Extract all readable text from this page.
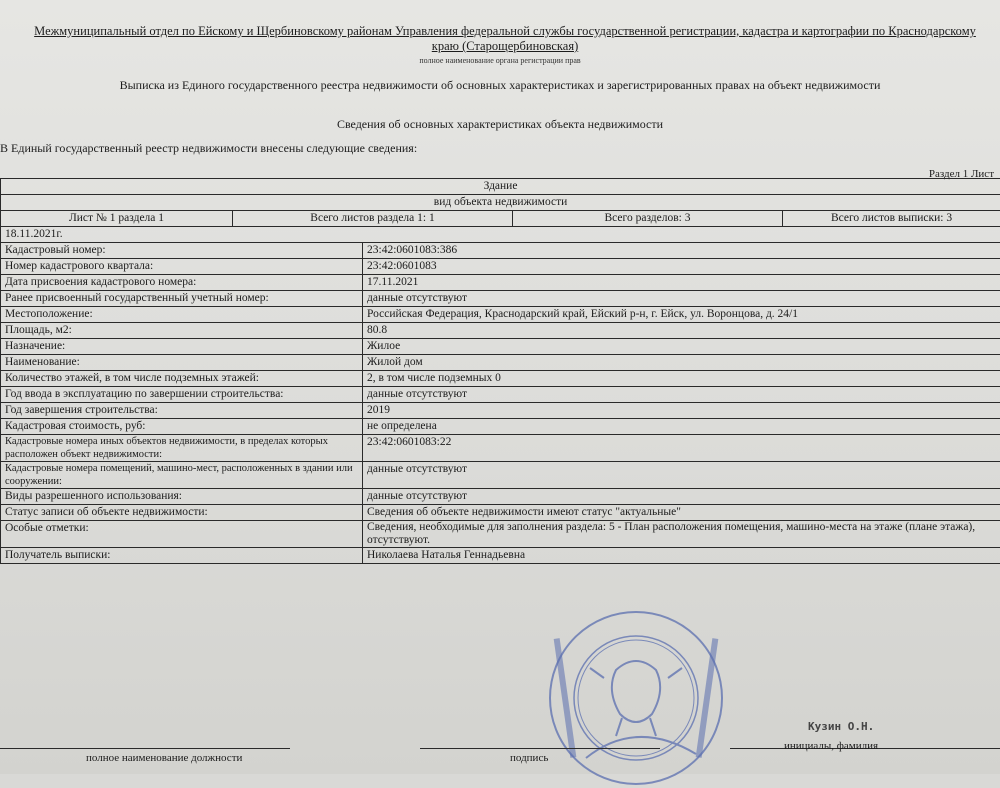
Межмуниципальный отдел по Ейскому и Щербиновскому районам Управления федеральной службы государственной регистрации, кадастра и картографии по Краснодарскому краю (Старощербиновская)
полное наименование органа регистрации прав
Выписка из Единого государственного реестра недвижимости об основных характеристиках и зарегистрированных правах на объект недвижимости
Сведения об основных характеристиках объекта недвижимости
В Единый государственный реестр недвижимости внесены следующие сведения:
Раздел 1 Лист
Здание				
вид объекта недвижимости				
Лист № 1 раздела 1	Всего листов раздела 1: 1		Всего разделов: 3	Всего листов выписки: 3
18.11.2021г.				
Кадастровый номер:		23:42:0601083:386		
Номер кадастрового квартала:		23:42:0601083		
Дата присвоения кадастрового номера:		17.11.2021		
Ранее присвоенный государственный учетный номер:		данные отсутствуют		
Местоположение:		Российская Федерация, Краснодарский край, Ейский р-н, г. Ейск, ул. Воронцова, д. 24/1		
Площадь, м2:		80.8		
Назначение:		Жилое		
Наименование:		Жилой дом		
Количество этажей, в том числе подземных этажей:		2, в том числе подземных 0		
Год ввода в эксплуатацию по завершении строительства:		данные отсутствуют		
Год завершения строительства:		2019		
Кадастровая стоимость, руб:		не определена		
Кадастровые номера иных объектов недвижимости, в пределах которых расположен объект недвижимости:		23:42:0601083:22		
Кадастровые номера помещений, машино-мест, расположенных в здании или сооружении:		данные отсутствуют		
Виды разрешенного использования:		данные отсутствуют		
Статус записи об объекте недвижимости:		Сведения об объекте недвижимости имеют статус "актуальные"		
Особые отметки:		Сведения, необходимые для заполнения раздела: 5 - План расположения помещения, машино-места на этаже (плане этажа), отсутствуют.		
Получатель выписки:		Николаева Наталья Геннадьевна		
Кузин О.Н.
полное наименование должности	подпись
инициалы, фамилия
